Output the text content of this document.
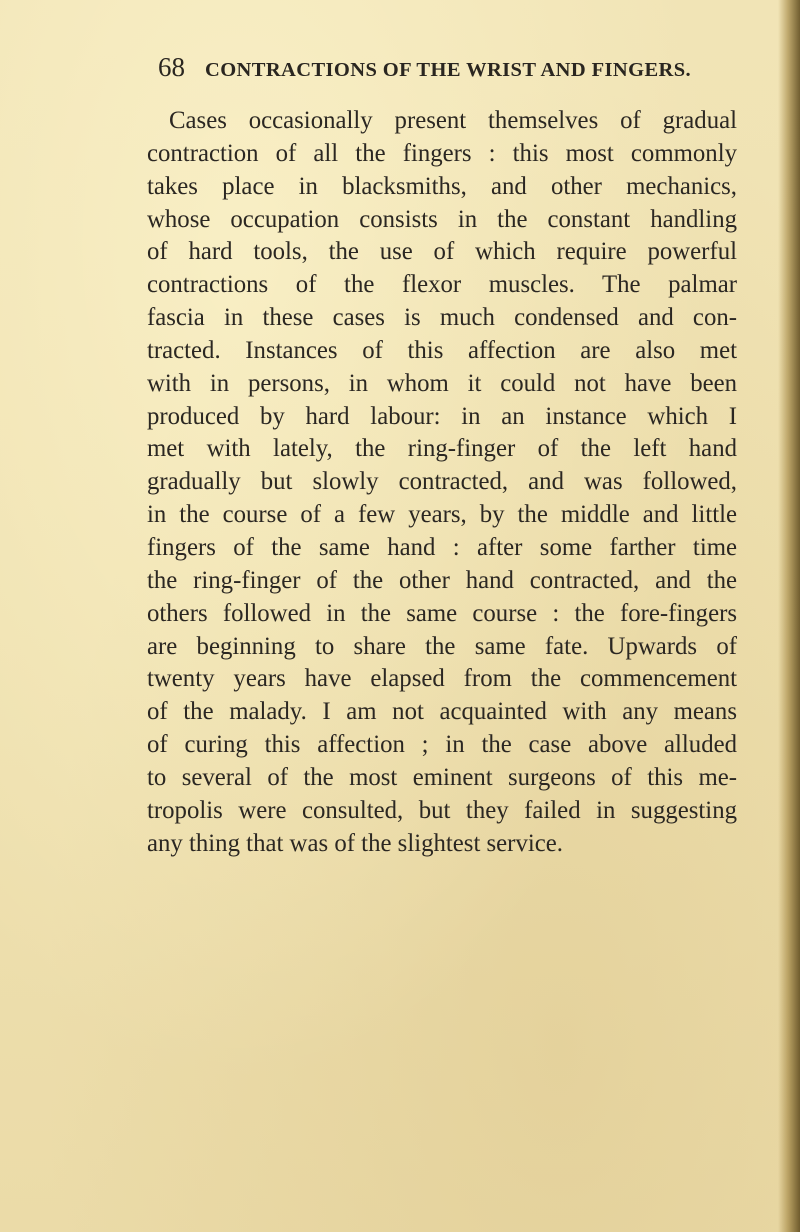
68 CONTRACTIONS OF THE WRIST AND FINGERS.
Cases occasionally present themselves of gradual
contraction of all the fingers : this most commonly
takes place in blacksmiths, and other mechanics,
whose occupation consists in the constant handling
of hard tools, the use of which require powerful
contractions of the flexor muscles. The palmar
fascia in these cases is much condensed and con-
tracted. Instances of this affection are also met
with in persons, in whom it could not have been
produced by hard labour: in an instance which I
met with lately, the ring-finger of the left hand
gradually but slowly contracted, and was followed,
in the course of a few years, by the middle and little
fingers of the same hand : after some farther time
the ring-finger of the other hand contracted, and the
others followed in the same course : the fore-fingers
are beginning to share the same fate. Upwards of
twenty years have elapsed from the commencement
of the malady. I am not acquainted with any means
of curing this affection ; in the case above alluded
to several of the most eminent surgeons of this me-
tropolis were consulted, but they failed in suggesting
any thing that was of the slightest service.
